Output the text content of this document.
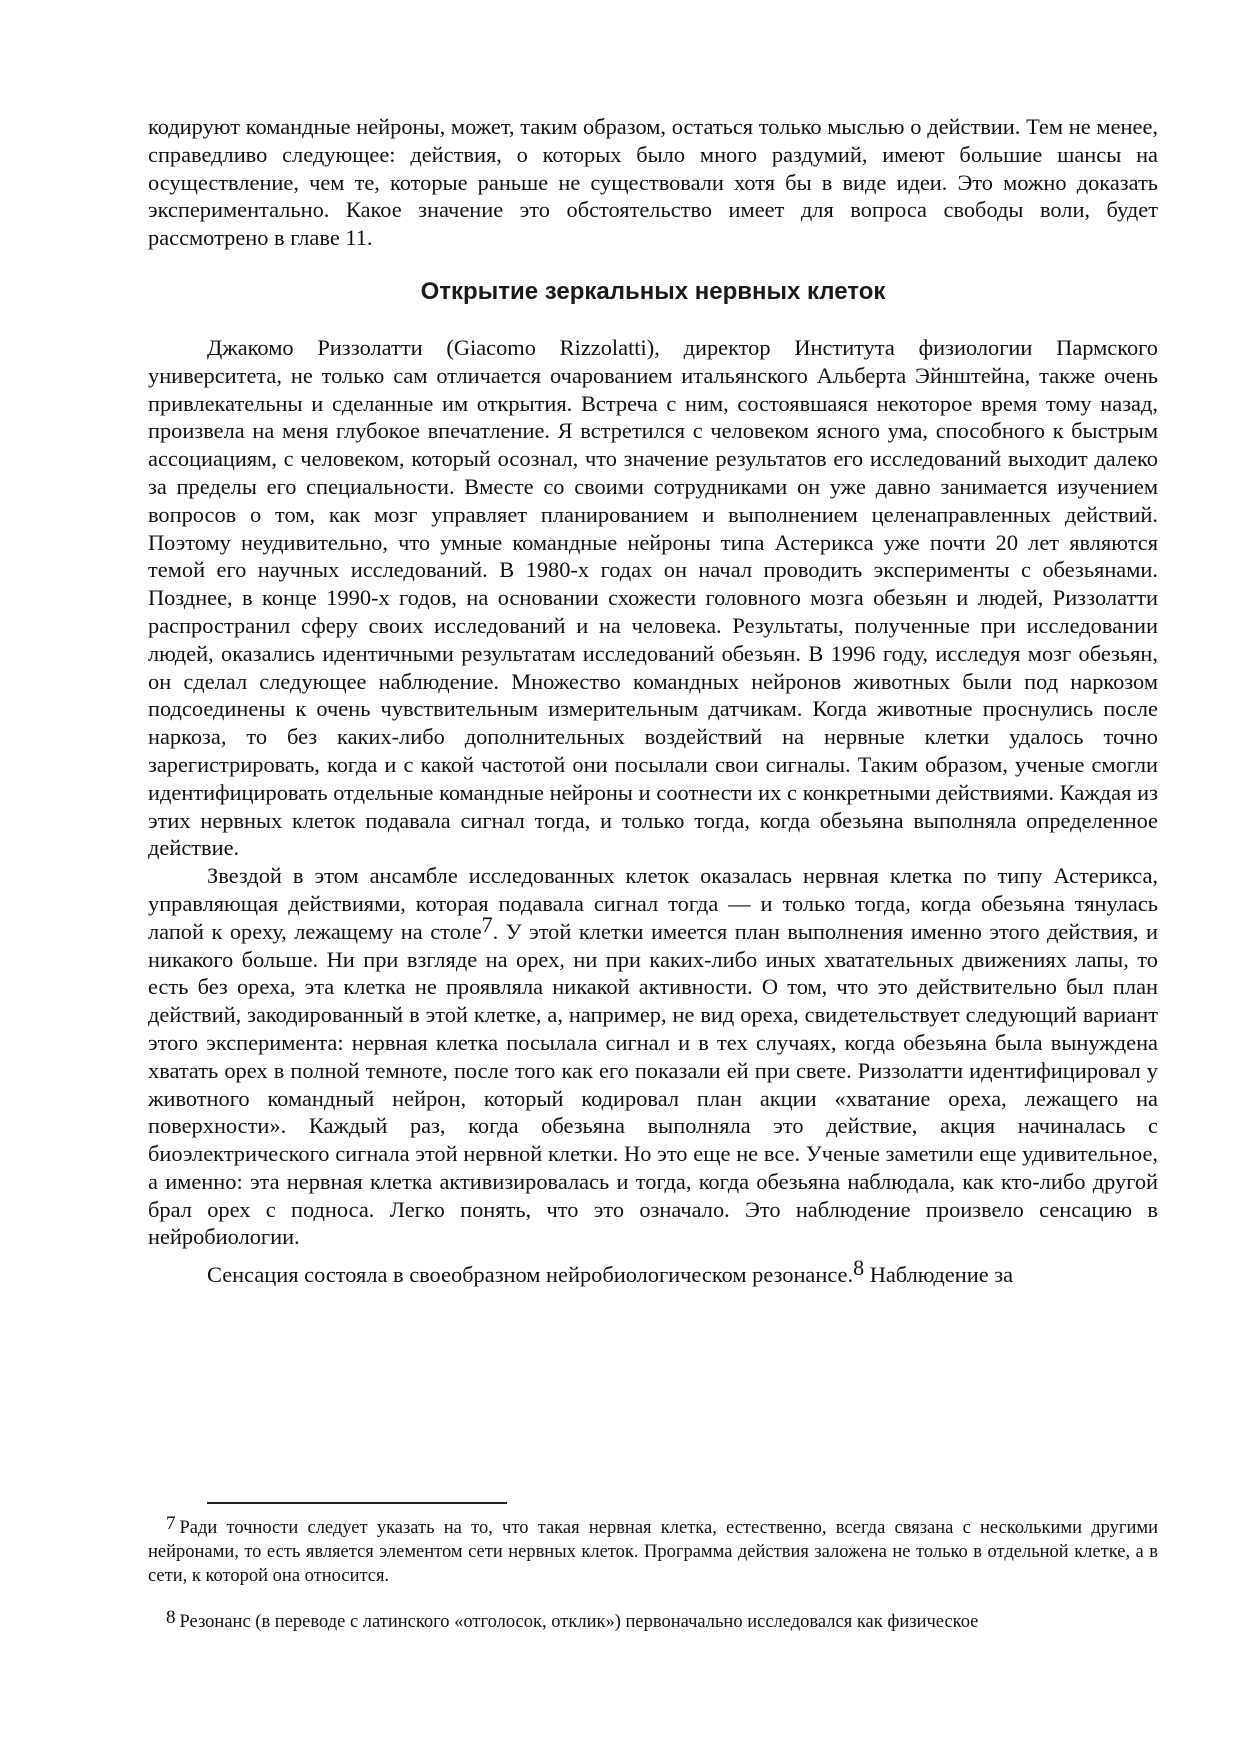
кодируют командные нейроны, может, таким образом, остаться только мыслью о действии. Тем не менее, справедливо следующее: действия, о которых было много раздумий, имеют большие шансы на осуществление, чем те, которые раньше не существовали хотя бы в виде идеи. Это можно доказать экспериментально. Какое значение это обстоятельство имеет для вопроса свободы воли, будет рассмотрено в главе 11.

Открытие зеркальных нервных клеток

Джакомо Риззолатти (Giacomo Rizzolatti), директор Института физиологии Пармского университета, не только сам отличается очарованием итальянского Альберта Эйнштейна, также очень привлекательны и сделанные им открытия. Встреча с ним, состоявшаяся некоторое время тому назад, произвела на меня глубокое впечатление. Я встретился с человеком ясного ума, способного к быстрым ассоциациям, с человеком, который осознал, что значение результатов его исследований выходит далеко за пределы его специальности. Вместе со своими сотрудниками он уже давно занимается изучением вопросов о том, как мозг управляет планированием и выполнением целенаправленных действий. Поэтому неудивительно, что умные командные нейроны типа Астерикса уже почти 20 лет являются темой его научных исследований. В 1980-х годах он начал проводить эксперименты с обезьянами. Позднее, в конце 1990-х годов, на основании схожести головного мозга обезьян и людей, Риззолатти распространил сферу своих исследований и на человека. Результаты, полученные при исследовании людей, оказались идентичными результатам исследований обезьян. В 1996 году, исследуя мозг обезьян, он сделал следующее наблюдение. Множество командных нейронов животных были под наркозом подсоединены к очень чувствительным измерительным датчикам. Когда животные проснулись после наркоза, то без каких-либо дополнительных воздействий на нервные клетки удалось точно зарегистрировать, когда и с какой частотой они посылали свои сигналы. Таким образом, ученые смогли идентифицировать отдельные командные нейроны и соотнести их с конкретными действиями. Каждая из этих нервных клеток подавала сигнал тогда, и только тогда, когда обезьяна выполняла определенное действие.

Звездой в этом ансамбле исследованных клеток оказалась нервная клетка по типу Астерикса, управляющая действиями, которая подавала сигнал тогда — и только тогда, когда обезьяна тянулась лапой к ореху, лежащему на столе$^7$. У этой клетки имеется план выполнения именно этого действия, и никакого больше. Ни при взгляде на орех, ни при каких-либо иных хватательных движениях лапы, то есть без ореха, эта клетка не проявляла никакой активности. О том, что это действительно был план действий, закодированный в этой клетке, а, например, не вид ореха, свидетельствует следующий вариант этого эксперимента: нервная клетка посылала сигнал и в тех случаях, когда обезьяна была вынуждена хватать орех в полной темноте, после того как его показали ей при свете. Риззолатти идентифицировал у животного командный нейрон, который кодировал план акции «хватание ореха, лежащего на поверхности». Каждый раз, когда обезьяна выполняла это действие, акция начиналась с биоэлектрического сигнала этой нервной клетки. Но это еще не все. Ученые заметили еще удивительное, а именно: эта нервная клетка активизировалась и тогда, когда обезьяна наблюдала, как кто-либо другой брал орех с подноса. Легко понять, что это означало. Это наблюдение произвело сенсацию в нейробиологии.

Сенсация состояла в своеобразном нейробиологическом резонансе.$^8$ Наблюдение за

7 Ради точности следует указать на то, что такая нервная клетка, естественно, всегда связана с несколькими другими нейронами, то есть является элементом сети нервных клеток. Программа действия заложена не только в отдельной клетке, а в сети, к которой она относится.

8 Резонанс (в переводе с латинского «отголосок, отклик») первоначально исследовался как физическое
